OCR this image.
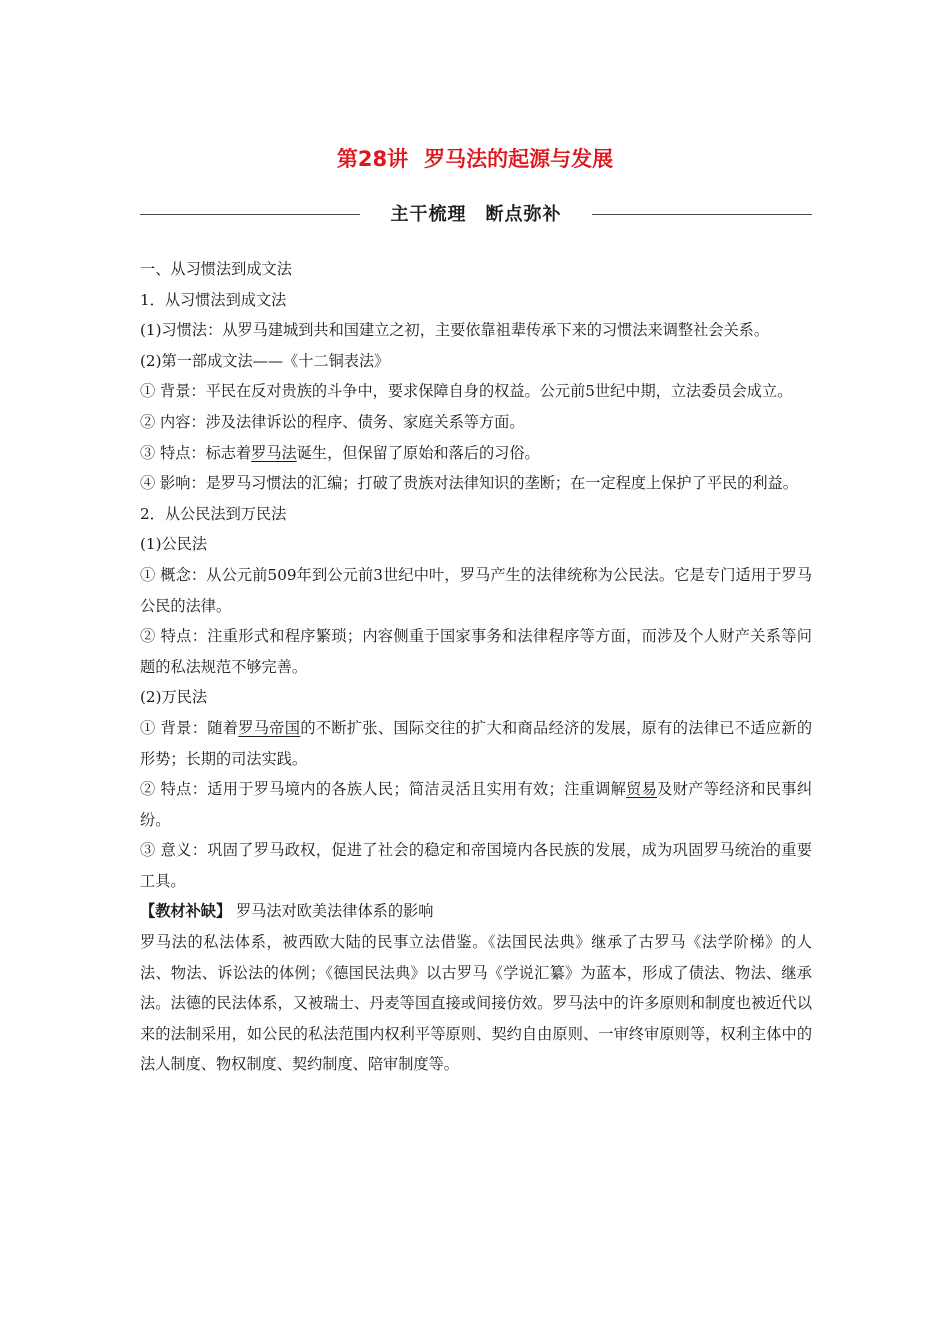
第28讲 罗马法的起源与发展
主干梳理　断点弥补

一、从习惯法到成文法

1．从习惯法到成文法

(1)习惯法：从罗马建城到共和国建立之初，主要依靠祖辈传承下来的习惯法来调整社会关系。

(2)第一部成文法——《十二铜表法》

① 背景：平民在反对贵族的斗争中，要求保障自身的权益。公元前5世纪中期，立法委员会成立。

② 内容：涉及法律诉讼的程序、债务、家庭关系等方面。

③ 特点：标志着罗马法诞生，但保留了原始和落后的习俗。

④ 影响：是罗马习惯法的汇编；打破了贵族对法律知识的垄断；在一定程度上保护了平民的利益。

2．从公民法到万民法

(1)公民法

① 概念：从公元前509年到公元前3世纪中叶，罗马产生的法律统称为公民法。它是专门适用于罗马公民的法律。

② 特点：注重形式和程序繁琐；内容侧重于国家事务和法律程序等方面，而涉及个人财产关系等问题的私法规范不够完善。

(2)万民法

① 背景：随着罗马帝国的不断扩张、国际交往的扩大和商品经济的发展，原有的法律已不适应新的形势；长期的司法实践。

② 特点：适用于罗马境内的各族人民；简洁灵活且实用有效；注重调解贸易及财产等经济和民事纠纷。

③ 意义：巩固了罗马政权，促进了社会的稳定和帝国境内各民族的发展，成为巩固罗马统治的重要工具。

【教材补缺】 罗马法对欧美法律体系的影响

罗马法的私法体系，被西欧大陆的民事立法借鉴。《法国民法典》继承了古罗马《法学阶梯》的人法、物法、诉讼法的体例；《德国民法典》以古罗马《学说汇纂》为蓝本，形成了债法、物法、继承法。法德的民法体系，又被瑞士、丹麦等国直接或间接仿效。罗马法中的许多原则和制度也被近代以来的法制采用，如公民的私法范围内权利平等原则、契约自由原则、一审终审原则等，权利主体中的法人制度、物权制度、契约制度、陪审制度等。
